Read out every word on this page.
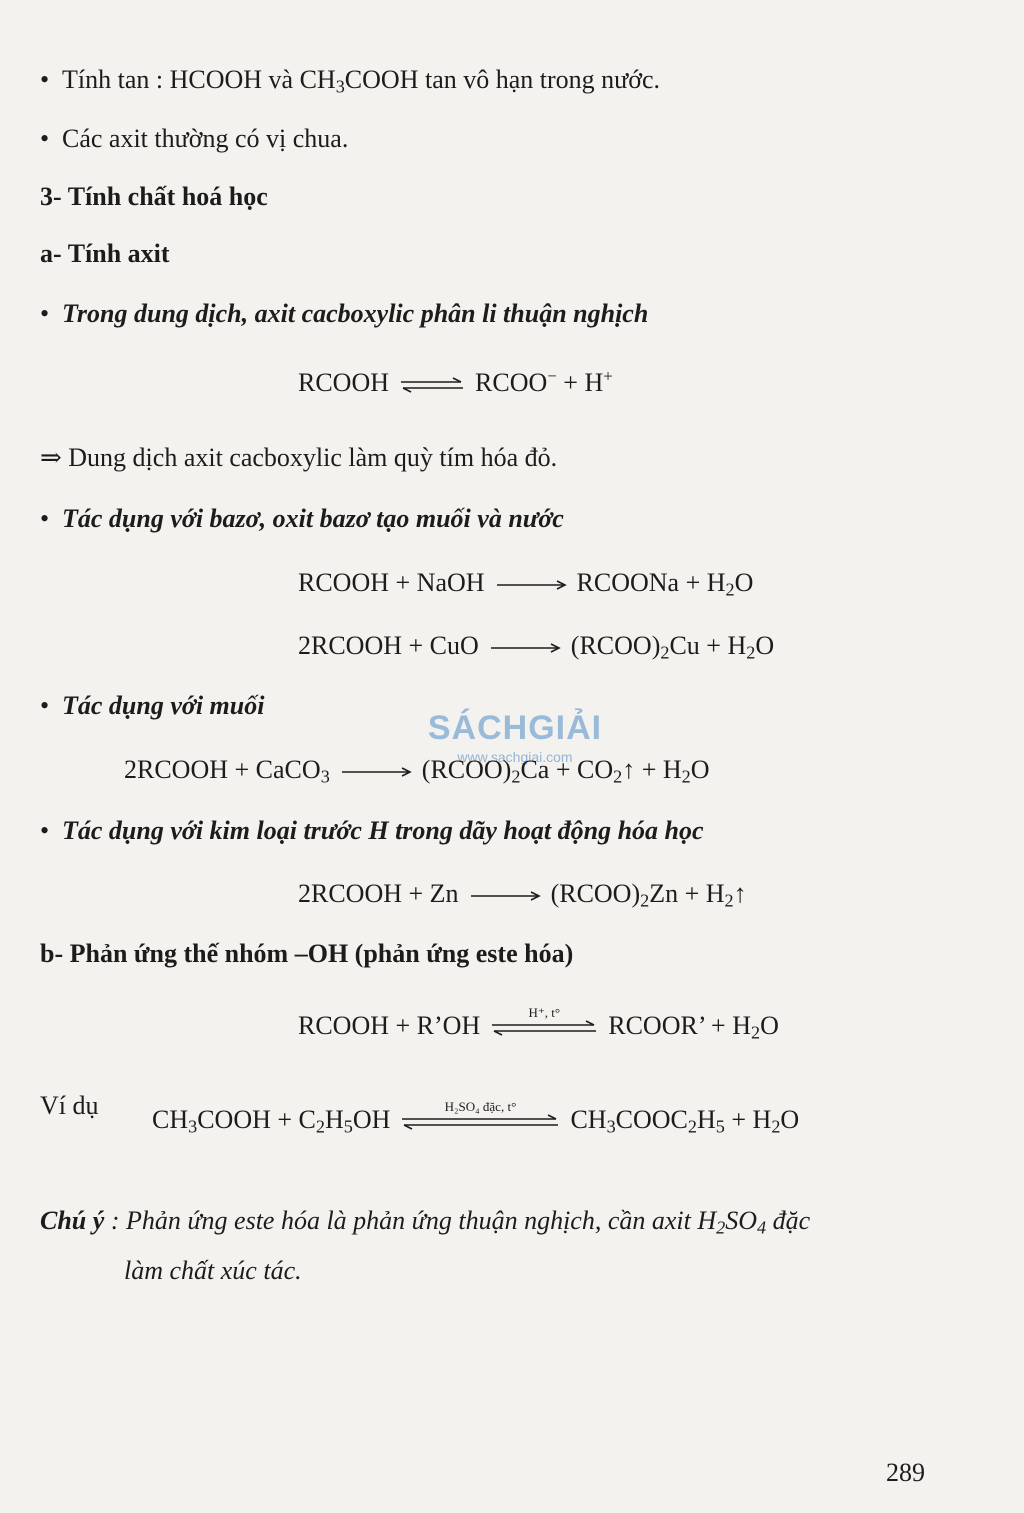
• Tính tan : HCOOH và $CH_3COOH$ tan vô hạn trong nước.
• Các axit thường có vị chua.
3- Tính chất hoá học
a- Tính axit
• Trong dung dịch, axit cacboxylic phân li thuận nghịch
RCOOH ⇌ RCOO− + H+
⇒ Dung dịch axit cacboxylic làm quỳ tím hóa đỏ.
• Tác dụng với bazơ, oxit bazơ tạo muối và nước
RCOOH + NaOH	RCOONa + $H_2O$
2RCOOH + CuO	$(RCOO)_2Cu + H_2O$
• Tác dụng với muối
SÁCHGIẢI
www.sachgiai.com
2RCOOH + CaCO$_3$	$(RCOO)_2Ca$ + $CO_2↑ + H_2O$
• Tác dụng với kim loại trước H trong dãy hoạt động hóa học
2RCOOH + Zn	$(RCOO)_2Zn$ + $H_2↑$
b- Phản ứng thế nhóm –OH (phản ứng este hóa)
RCOOH + R’OH	H⁺, t°	RCOOR’ + $H_2O$
Ví dụ $CH_3COOH + C_2H_5OH$	H₂SO₄ đặc, t°	$CH_3COOC_2H_5 + H_2O$
Chú ý : Phản ứng este hóa là phản ứng thuận nghịch, cần axit $H_2SO_4$ đặc
làm chất xúc tác.
289
